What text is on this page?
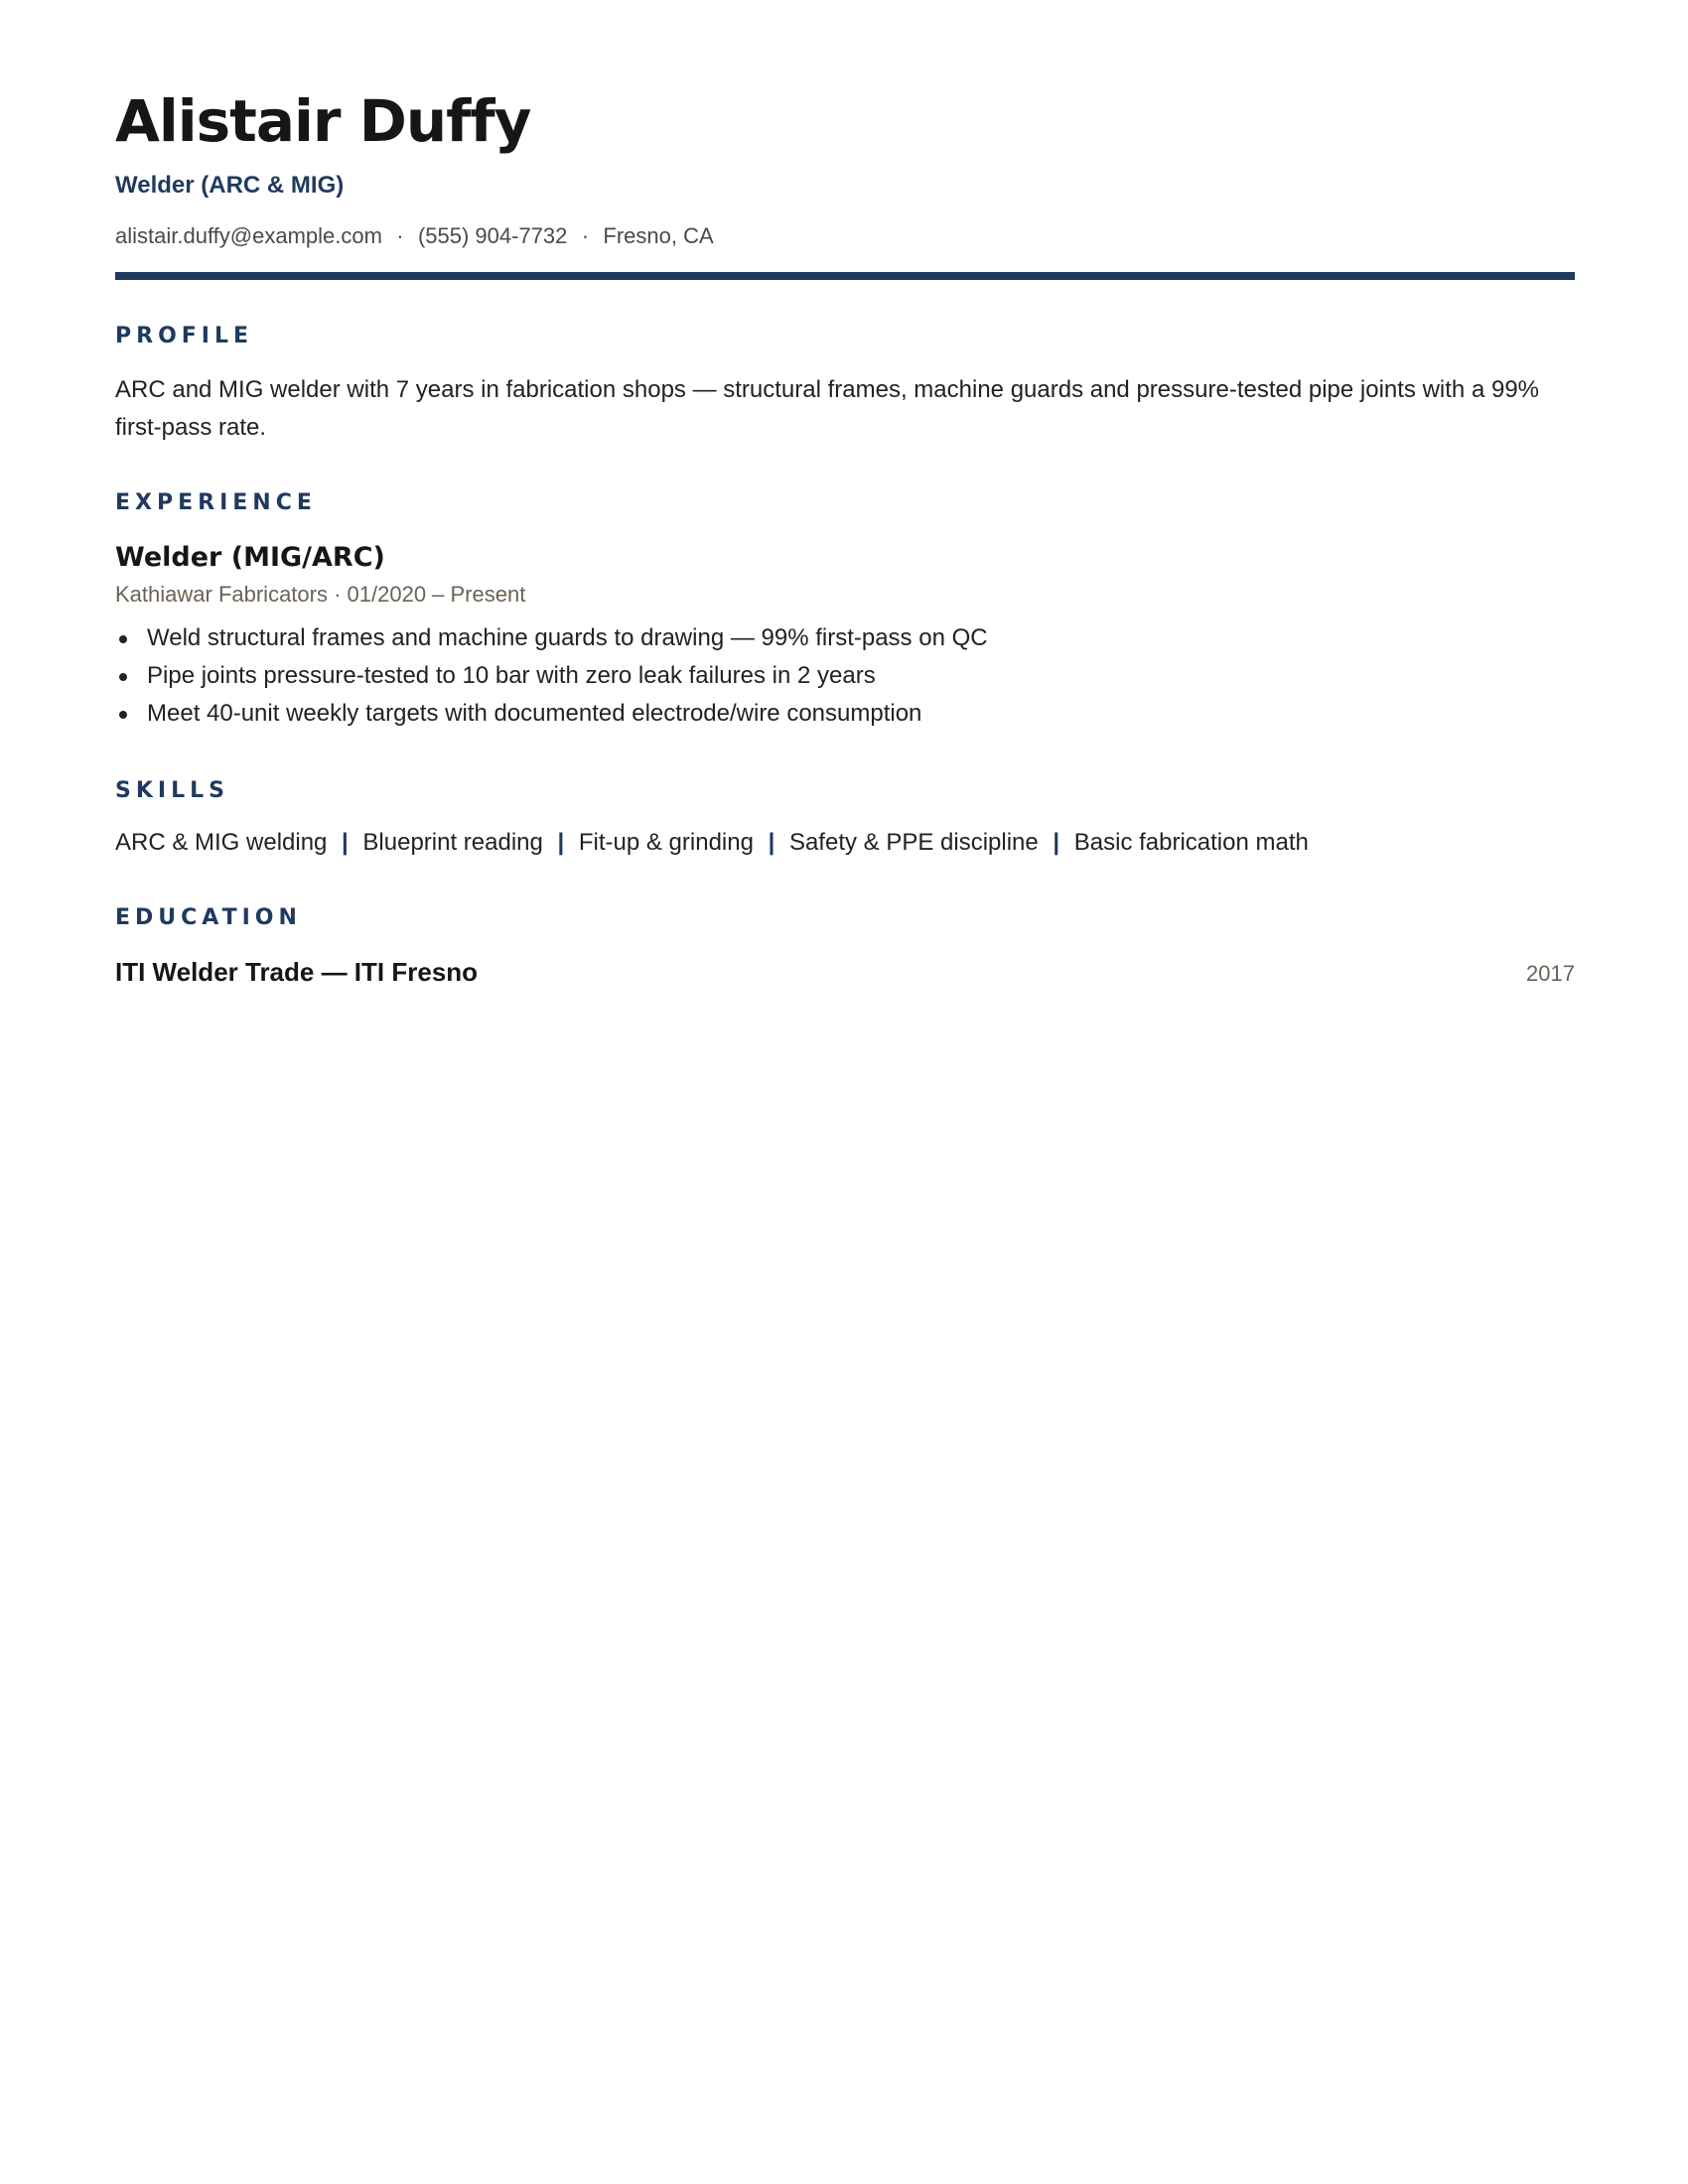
Alistair Duffy
Welder (ARC & MIG)
alistair.duffy@example.com · (555) 904-7732 · Fresno, CA
PROFILE

ARC and MIG welder with 7 years in fabrication shops — structural frames, machine guards and pressure-tested pipe joints with a 99% first-pass rate.

EXPERIENCE
Welder (MIG/ARC)
Kathiawar Fabricators · 01/2020 – Present
Weld structural frames and machine guards to drawing — 99% first-pass on QC
Pipe joints pressure-tested to 10 bar with zero leak failures in 2 years
Meet 40-unit weekly targets with documented electrode/wire consumption
SKILLS
ARC & MIG welding | Blueprint reading | Fit-up & grinding | Safety & PPE discipline | Basic fabrication math
EDUCATION
ITI Welder Trade — ITI Fresno	2017
